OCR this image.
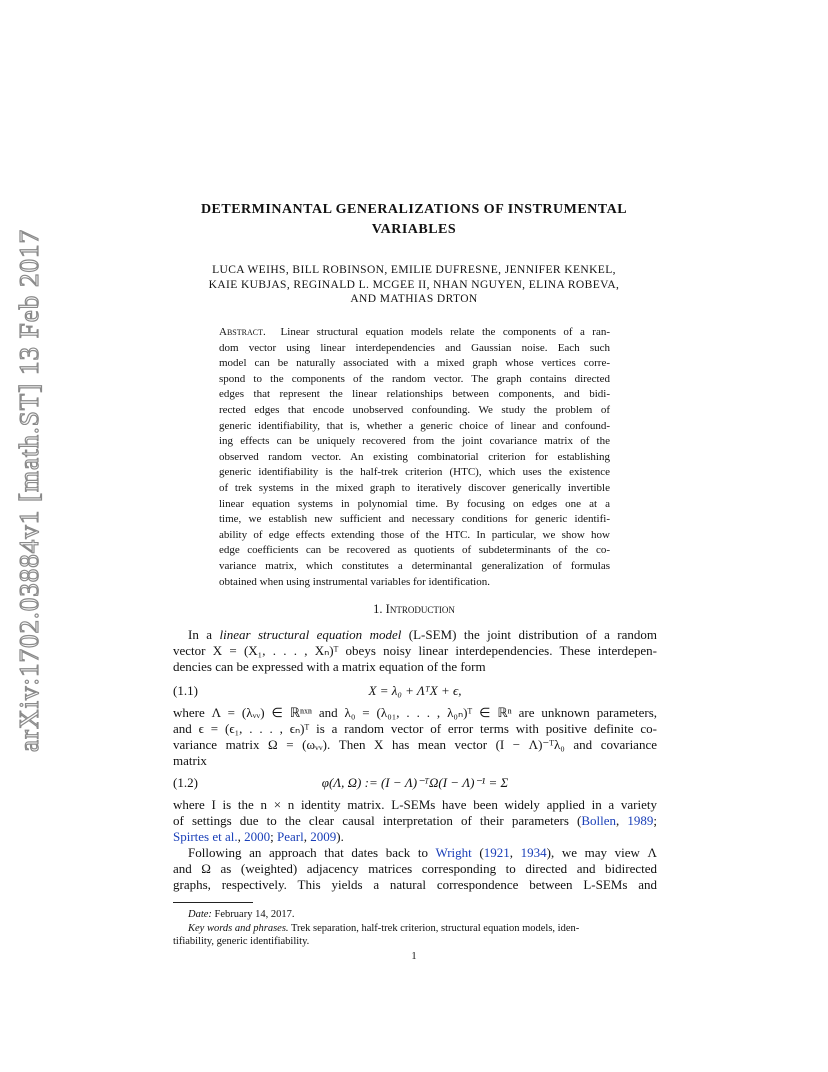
arXiv:1702.03884v1 [math.ST] 13 Feb 2017
DETERMINANTAL GENERALIZATIONS OF INSTRUMENTAL
VARIABLES
LUCA WEIHS, BILL ROBINSON, EMILIE DUFRESNE, JENNIFER KENKEL,
KAIE KUBJAS, REGINALD L. MCGEE II, NHAN NGUYEN, ELINA ROBEVA,
AND MATHIAS DRTON
Abstract. Linear structural equation models relate the components of a ran-
dom vector using linear interdependencies and Gaussian noise. Each such
model can be naturally associated with a mixed graph whose vertices corre-
spond to the components of the random vector. The graph contains directed
edges that represent the linear relationships between components, and bidi-
rected edges that encode unobserved confounding. We study the problem of
generic identifiability, that is, whether a generic choice of linear and confound-
ing effects can be uniquely recovered from the joint covariance matrix of the
observed random vector. An existing combinatorial criterion for establishing
generic identifiability is the half-trek criterion (HTC), which uses the existence
of trek systems in the mixed graph to iteratively discover generically invertible
linear equation systems in polynomial time. By focusing on edges one at a
time, we establish new sufficient and necessary conditions for generic identifi-
ability of edge effects extending those of the HTC. In particular, we show how
edge coefficients can be recovered as quotients of subdeterminants of the co-
variance matrix, which constitutes a determinantal generalization of formulas
obtained when using instrumental variables for identification.
1. Introduction
In a linear structural equation model (L-SEM) the joint distribution of a random
vector X = (X₁, . . . , Xₙ)ᵀ obeys noisy linear interdependencies. These interdepen-
dencies can be expressed with a matrix equation of the form
(1.1)	X = λ₀ + ΛᵀX + ϵ,
where Λ = (λᵥᵥ) ∈ ℝⁿˣⁿ and λ₀ = (λ₀₁, . . . , λ₀ₙ)ᵀ ∈ ℝⁿ are unknown parameters,
and ϵ = (ϵ₁, . . . , ϵₙ)ᵀ is a random vector of error terms with positive definite co-
variance matrix Ω = (ωᵥᵥ). Then X has mean vector (I − Λ)⁻ᵀλ₀ and covariance
matrix
(1.2)	φ(Λ, Ω) := (I − Λ)⁻ᵀΩ(I − Λ)⁻¹ = Σ
where I is the n × n identity matrix. L-SEMs have been widely applied in a variety
of settings due to the clear causal interpretation of their parameters (Bollen, 1989;
Spirtes et al., 2000; Pearl, 2009).
Following an approach that dates back to Wright (1921, 1934), we may view Λ
and Ω as (weighted) adjacency matrices corresponding to directed and bidirected
graphs, respectively. This yields a natural correspondence between L-SEMs and
Date: February 14, 2017.
Key words and phrases. Trek separation, half-trek criterion, structural equation models, iden-
tifiability, generic identifiability.
1
